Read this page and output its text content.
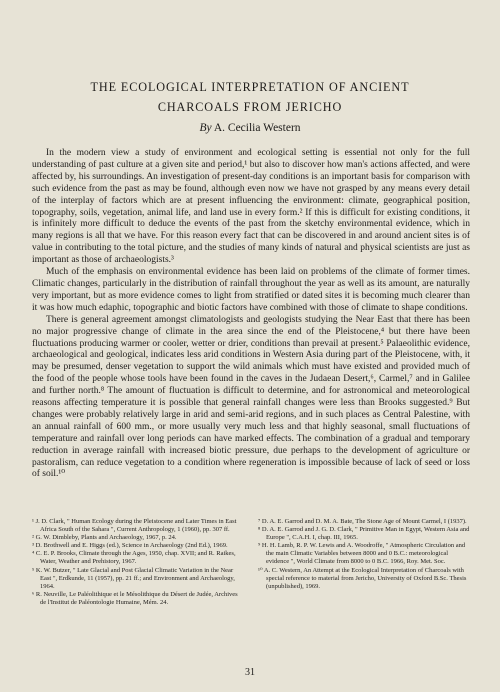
THE ECOLOGICAL INTERPRETATION OF ANCIENT
CHARCOALS FROM JERICHO
By A. Cecilia Western

In the modern view a study of environment and ecological setting is essential not only for the full understanding of past culture at a given site and period,¹ but also to discover how man's actions affected, and were affected by, his surroundings. An investigation of present-day conditions is an important basis for comparison with such evidence from the past as may be found, although even now we have not grasped by any means every detail of the interplay of factors which are at present influencing the environment: climate, geographical position, topography, soils, vegetation, animal life, and land use in every form.² If this is difficult for existing conditions, it is infinitely more difficult to deduce the events of the past from the sketchy environmental evidence, which in many regions is all that we have. For this reason every fact that can be discovered in and around ancient sites is of value in contributing to the total picture, and the studies of many kinds of natural and physical scientists are just as important as those of archaeologists.³

Much of the emphasis on environmental evidence has been laid on problems of the climate of former times. Climatic changes, particularly in the distribution of rainfall throughout the year as well as its amount, are naturally very important, but as more evidence comes to light from stratified or dated sites it is becoming much clearer than it was how much edaphic, topographic and biotic factors have combined with those of climate to shape conditions.

There is general agreement amongst climatologists and geologists studying the Near East that there has been no major progressive change of climate in the area since the end of the Pleistocene,⁴ but there have been fluctuations producing warmer or cooler, wetter or drier, conditions than prevail at present.⁵ Palaeolithic evidence, archaeological and geological, indicates less arid conditions in Western Asia during part of the Pleistocene, with, it may be presumed, denser vegetation to support the wild animals which must have existed and provided much of the food of the people whose tools have been found in the caves in the Judaean Desert,⁶, Carmel,⁷ and in Galilee and further north.⁸ The amount of fluctuation is difficult to determine, and for astronomical and meteorological reasons affecting temperature it is possible that general rainfall changes were less than Brooks suggested.⁹ But changes were probably relatively large in arid and semi-arid regions, and in such places as Central Palestine, with an annual rainfall of 600 mm., or more usually very much less and that highly seasonal, small fluctuations of temperature and rainfall over long periods can have marked effects. The combination of a gradual and temporary reduction in average rainfall with increased biotic pressure, due perhaps to the development of agriculture or pastoralism, can reduce vegetation to a condition where regeneration is impossible because of lack of seed or loss of soil.¹⁰

¹ J. D. Clark, " Human Ecology during the Pleistocene and Later Times in East Africa South of the Sahara ", Current Anthropology, 1 (1960), pp. 307 ff.

² G. W. Dimbleby, Plants and Archaeology, 1967, p. 24.

³ D. Brothwell and E. Higgs (ed.), Science in Archaeology (2nd Ed.), 1969.

⁴ C. E. P. Brooks, Climate through the Ages, 1950, chap. XVII; and R. Raikes, Water, Weather and Prehistory, 1967.

⁵ K. W. Butzer, " Late Glacial and Post Glacial Climatic Variation in the Near East ", Erdkunde, 11 (1957), pp. 21 ff.; and Environment and Archaeology, 1964.

⁶ R. Neuville, Le Paléolithique et le Mésolithique du Désert de Judée, Archives de l'Institut de Paléontologie Humaine, Mém. 24.

⁷ D. A. E. Garrod and D. M. A. Bate, The Stone Age of Mount Carmel, I (1937).

⁸ D. A. E. Garrod and J. G. D. Clark, " Primitive Man in Egypt, Western Asia and Europe ", C.A.H. I, chap. III, 1965.

⁹ H. H. Lamb, R. P. W. Lewis and A. Woodroffe, " Atmospheric Circulation and the main Climatic Variables between 8000 and 0 B.C.: meteorological evidence ", World Climate from 8000 to 0 B.C. 1966, Roy. Met. Soc.

¹⁰ A. C. Western, An Attempt at the Ecological Interpretation of Charcoals with special reference to material from Jericho, University of Oxford B.Sc. Thesis (unpublished), 1969.

31
